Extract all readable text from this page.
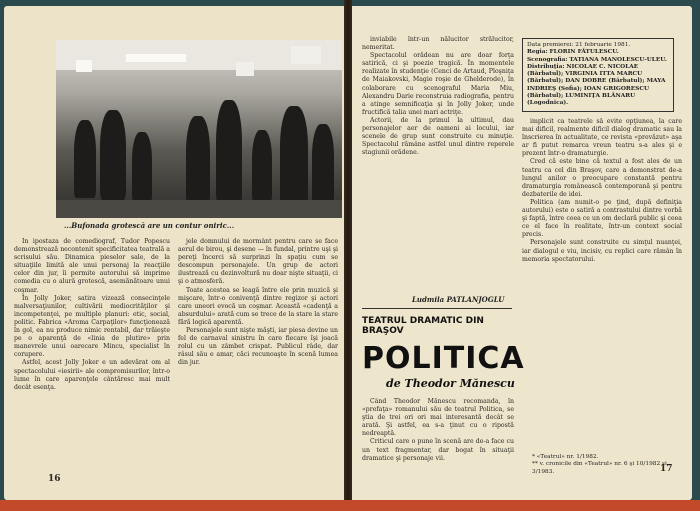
...Bufonada grotescă are un contur oniric...

În ipostaza de comediograf, Tudor Popescu demonstrează necontenit specificitatea teatrală a scrisului său. Dinamica pieselor sale, de la situaţiile limită ale unui personaj la reacţiile celor din jur, îi permite autorului să imprime comedia cu o alură grotescă, asemănătoare unui coşmar.

În Jolly Joker, satira vizează consecinţele malversaţiunilor, cultivării mediocrităţilor şi incompetenţei, pe multiple planuri: etic, social, politic. Fabrica «Aroma Carpaţilor» funcţionează în gol, ea nu produce nimic rentabil, dar trăieşte pe o aparenţă de «linia de plutire» prin manevrele unui oarecare Mincu, specialist în corupere.

Astfel, acest Jolly Joker e un adevărat om al spectacolului «iesirii» ale compromisurilor, într-o lume în care aparenţele cântăresc mai mult decât esenţa.

jele domnului de mormânt pentru care se face aerul de birou, şi desene — în fundal, printre uşi şi pereţi încerci să surprinzi în spaţiu cum se descompun personajele. Un grup de actori ilustrează cu dezinvoltură nu doar nişte situaţii, ci şi o atmosferă.

Toate acestea se leagă între ele prin muzică şi mişcare, într-o conivenţă dintre regizor şi actori care uneori evocă un coşmar. Această «cadenţă a absurdului» arată cum se trece de la stare la stare fără logică aparentă.

Personajele sunt nişte măşti, iar piesa devine un fel de carnaval sinistru în care fiecare îşi joacă rolul cu un zâmbet crispat. Publicul râde, dar râsul său e amar, căci recunoaşte în scenă lumea din jur.

16

inviabile într-un nălucitor strălucitor, nemeritat.

Spectacolul orădean nu are doar forţa satirică, ci şi poezie tragică. În momentele realizate în studenţie (Cenci de Artaud, Ploşniţa de Maiakovski, Magie roşie de Ghelderode), în colaborare cu scenograful Maria Miu, Alexandru Darie reconstruia radiografia, pentru a atinge semnificaţia şi în Jolly Joker, unde fructifică talia unei mari actriţe.

Actorii, de la primul la ultimul, dau personajelor aer de oameni ai locului, iar scenele de grup sunt construite cu minuţie. Spectacolul rămâne astfel unul dintre reperele stagiunii orădene.

Ludmila PATLANJOGLU
Data premierei: 21 februarie 1981.
Regia: FLORIN FĂTULESCU.
Scenografia: TATIANA MANOLESCU-ULEU.
Distribuţia: NICOLAE C. NICOLAE (Bărbatul); VIRGINIA ITTA MARCU (Bărbatul); DAN DOBRE (Bărbatul); MAYA INDRIEŞ (Sofia); IOAN GRIGORESCU (Bărbatul); LUMINIŢA BLĂNARU (Logodnica).
TEATRUL DRAMATIC DIN BRAŞOV
POLITICA
de Theodor Mănescu

Când Theodor Mănescu recomanda, în «prefaţa» romanului său de teatrul Politica, se ştia de trei ori ori mai interesantă decât se arată. Şi astfel, ea s-a ţinut cu o ripostă nedreaptă.

Criticul care o pune în scenă are de-a face cu un text fragmentar, dar bogat în situaţii dramatice şi personaje vii.

implicit ca teatrele să evite opţiunea, la care mai dificil, realmente dificil dialog dramatic sau la înscrierea în actualitate, ce revista «prevăzut» aşa ar fi putut remarca vreun teatru s-a ales şi e prezent într-o dramaturgie.

Cred că este bine că textul a fost ales de un teatru ca cel din Braşov, care a demonstrat de-a lungul anilor o preocupare constantă pentru dramaturgia românească contemporană şi pentru dezbaterile de idei.

Politica (am numit-o pe ţind, după definiţia autorului) este o satiră a contrastului dintre vorbă şi faptă, între ceea ce un om declară public şi ceea ce el face în realitate, într-un context social precis.

Personajele sunt construite cu simţul nuanţei, iar dialogul e viu, incisiv, cu replici care rămân în memoria spectatorului.

* «Teatrul» nr. 1/1982.
** v. cronicile din «Teatrul» nr. 6 şi 10/1982 şi 3/1983.	17
